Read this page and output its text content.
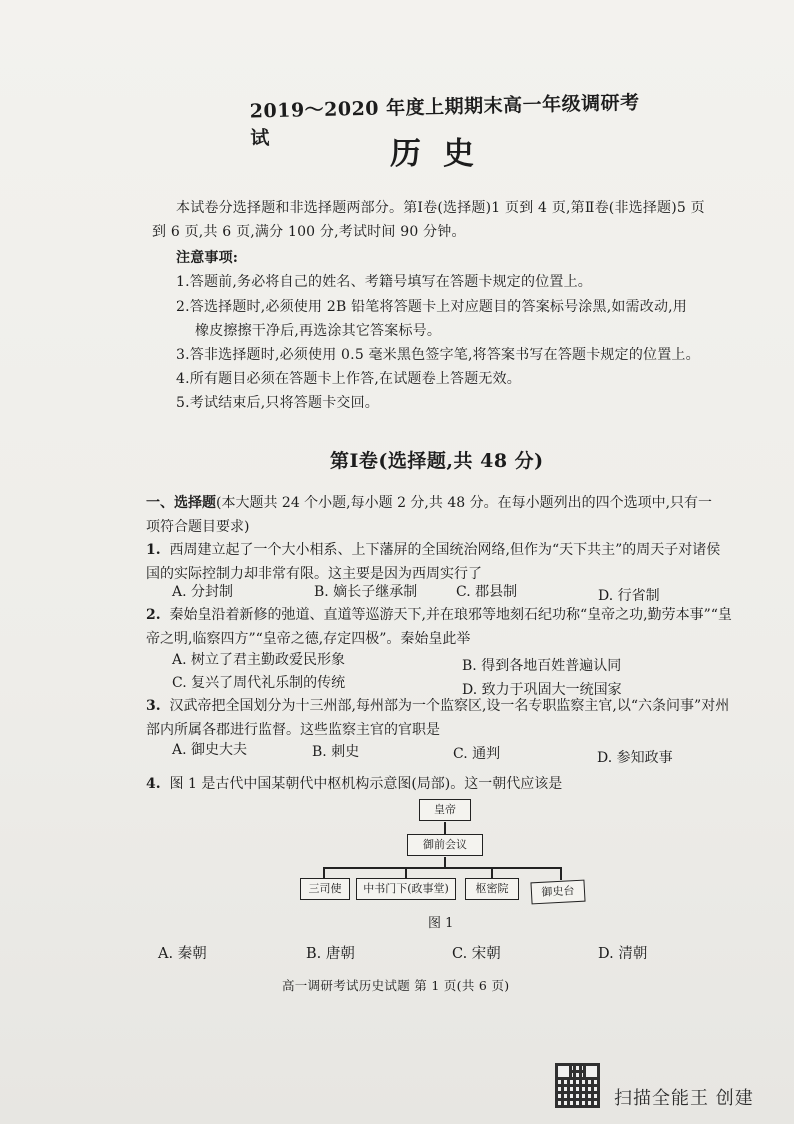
2019～2020 年度上期期末高一年级调研考试	历史
本试卷分选择题和非选择题两部分。第Ⅰ卷(选择题)1 页到 4 页,第Ⅱ卷(非选择题)5 页到 6 页,共 6 页,满分 100 分,考试时间 90 分钟。
注意事项:
1.答题前,务必将自己的姓名、考籍号填写在答题卡规定的位置上。
2.答选择题时,必须使用 2B 铅笔将答题卡上对应题目的答案标号涂黑,如需改动,用
橡皮擦擦干净后,再选涂其它答案标号。
3.答非选择题时,必须使用 0.5 毫米黑色签字笔,将答案书写在答题卡规定的位置上。
4.所有题目必须在答题卡上作答,在试题卷上答题无效。
5.考试结束后,只将答题卡交回。
第Ⅰ卷(选择题,共 48 分)
一、选择题(本大题共 24 个小题,每小题 2 分,共 48 分。在每小题列出的四个选项中,只有一项符合题目要求)
1. 西周建立起了一个大小相系、上下藩屏的全国统治网络,但作为“天下共主”的周天子对诸侯国的实际控制力却非常有限。这主要是因为西周实行了
A. 分封制	B. 嫡长子继承制	C. 郡县制	D. 行省制
2. 秦始皇沿着新修的弛道、直道等巡游天下,并在琅邪等地刻石纪功称“皇帝之功,勤劳本事”“皇帝之明,临察四方”“皇帝之德,存定四极”。秦始皇此举
A. 树立了君主勤政爱民形象	B. 得到各地百姓普遍认同
C. 复兴了周代礼乐制的传统	D. 致力于巩固大一统国家
3. 汉武帝把全国划分为十三州部,每州部为一个监察区,设一名专职监察主官,以“六条问事”对州部内所属各郡进行监督。这些监察主官的官职是
A. 御史大夫	B. 刺史	C. 通判	D. 参知政事
4. 图 1 是古代中国某朝代中枢机构示意图(局部)。这一朝代应该是
皇帝
御前会议
三司使	中书门下(政事堂)	枢密院	御史台
图 1
A. 秦朝	B. 唐朝	C. 宋朝	D. 清朝
高一调研考试历史试题 第 1 页(共 6 页)
扫描全能王 创建
